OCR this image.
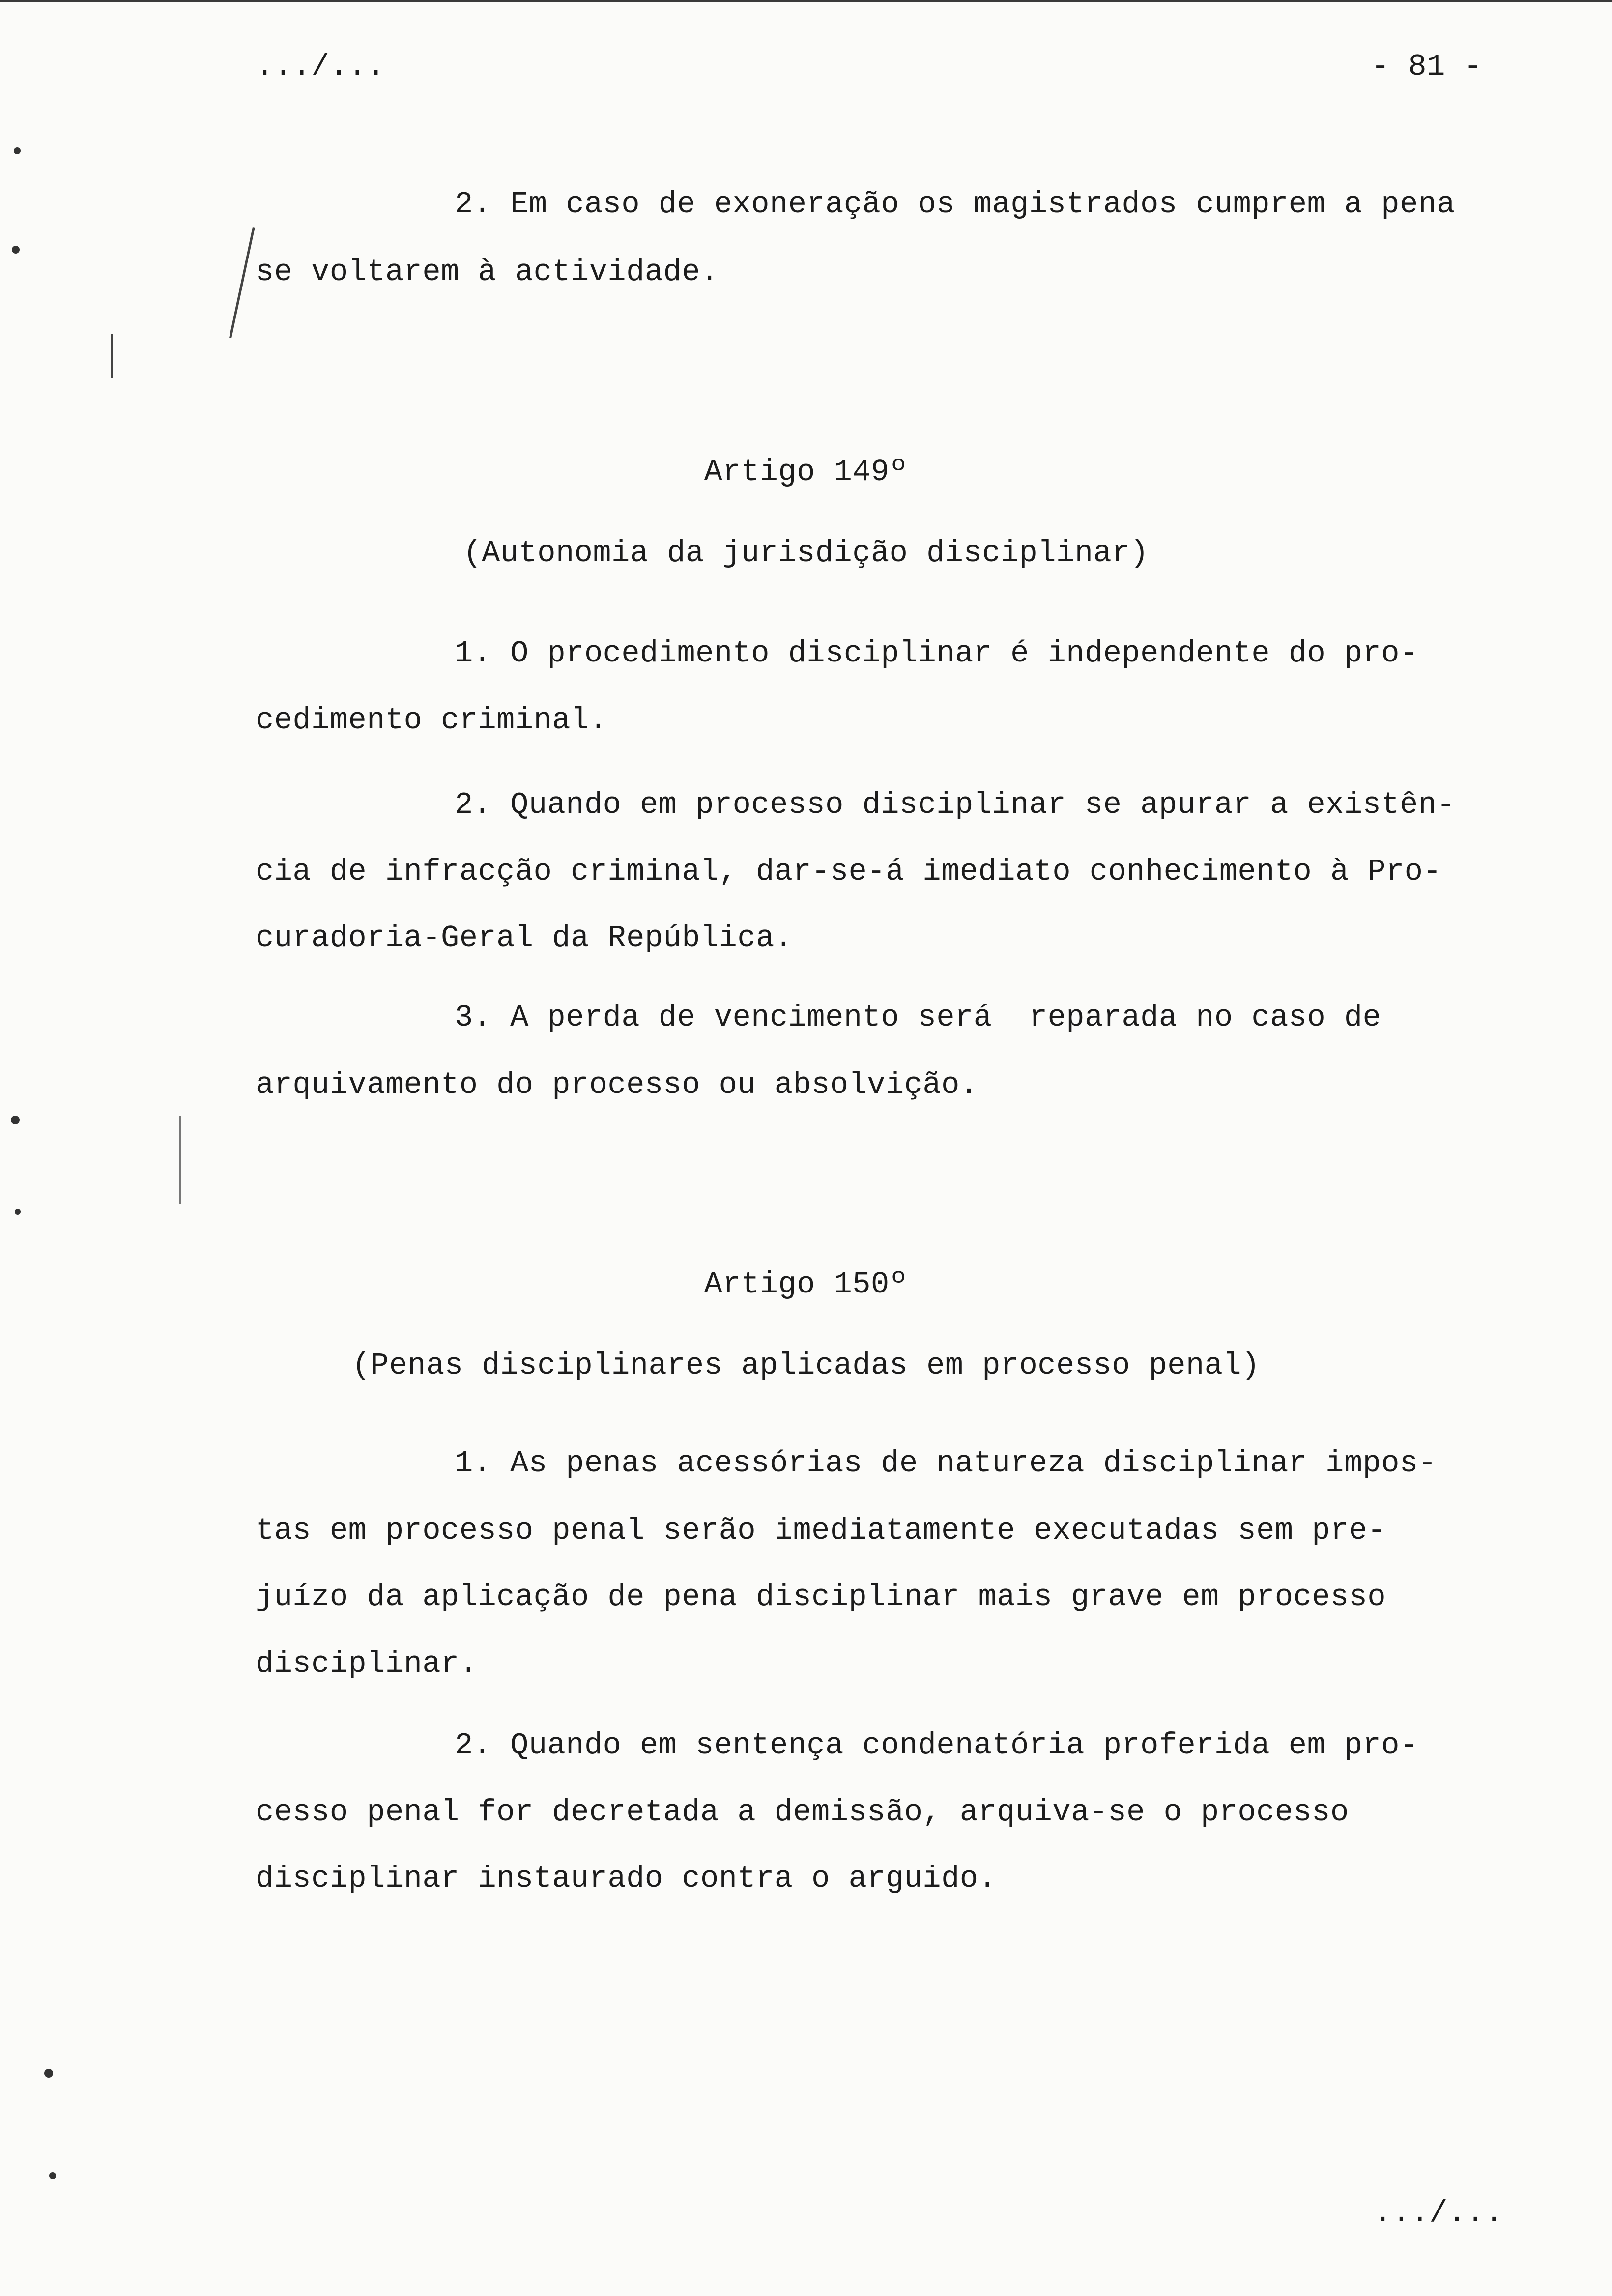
.../...	- 81 -
2. Em caso de exoneração os magistrados cumprem a pena
se voltarem à actividade.
Artigo 149º
(Autonomia da jurisdição disciplinar)
1. O procedimento disciplinar é independente do pro-
cedimento criminal.
2. Quando em processo disciplinar se apurar a existên-
cia de infracção criminal, dar-se-á imediato conhecimento à Pro-
curadoria-Geral da República.
3. A perda de vencimento será  reparada no caso de
arquivamento do processo ou absolvição.
Artigo 150º
(Penas disciplinares aplicadas em processo penal)
1. As penas acessórias de natureza disciplinar impos-
tas em processo penal serão imediatamente executadas sem pre-
juízo da aplicação de pena disciplinar mais grave em processo
disciplinar.
2. Quando em sentença condenatória proferida em pro-
cesso penal for decretada a demissão, arquiva-se o processo
disciplinar instaurado contra o arguido.
.../...
